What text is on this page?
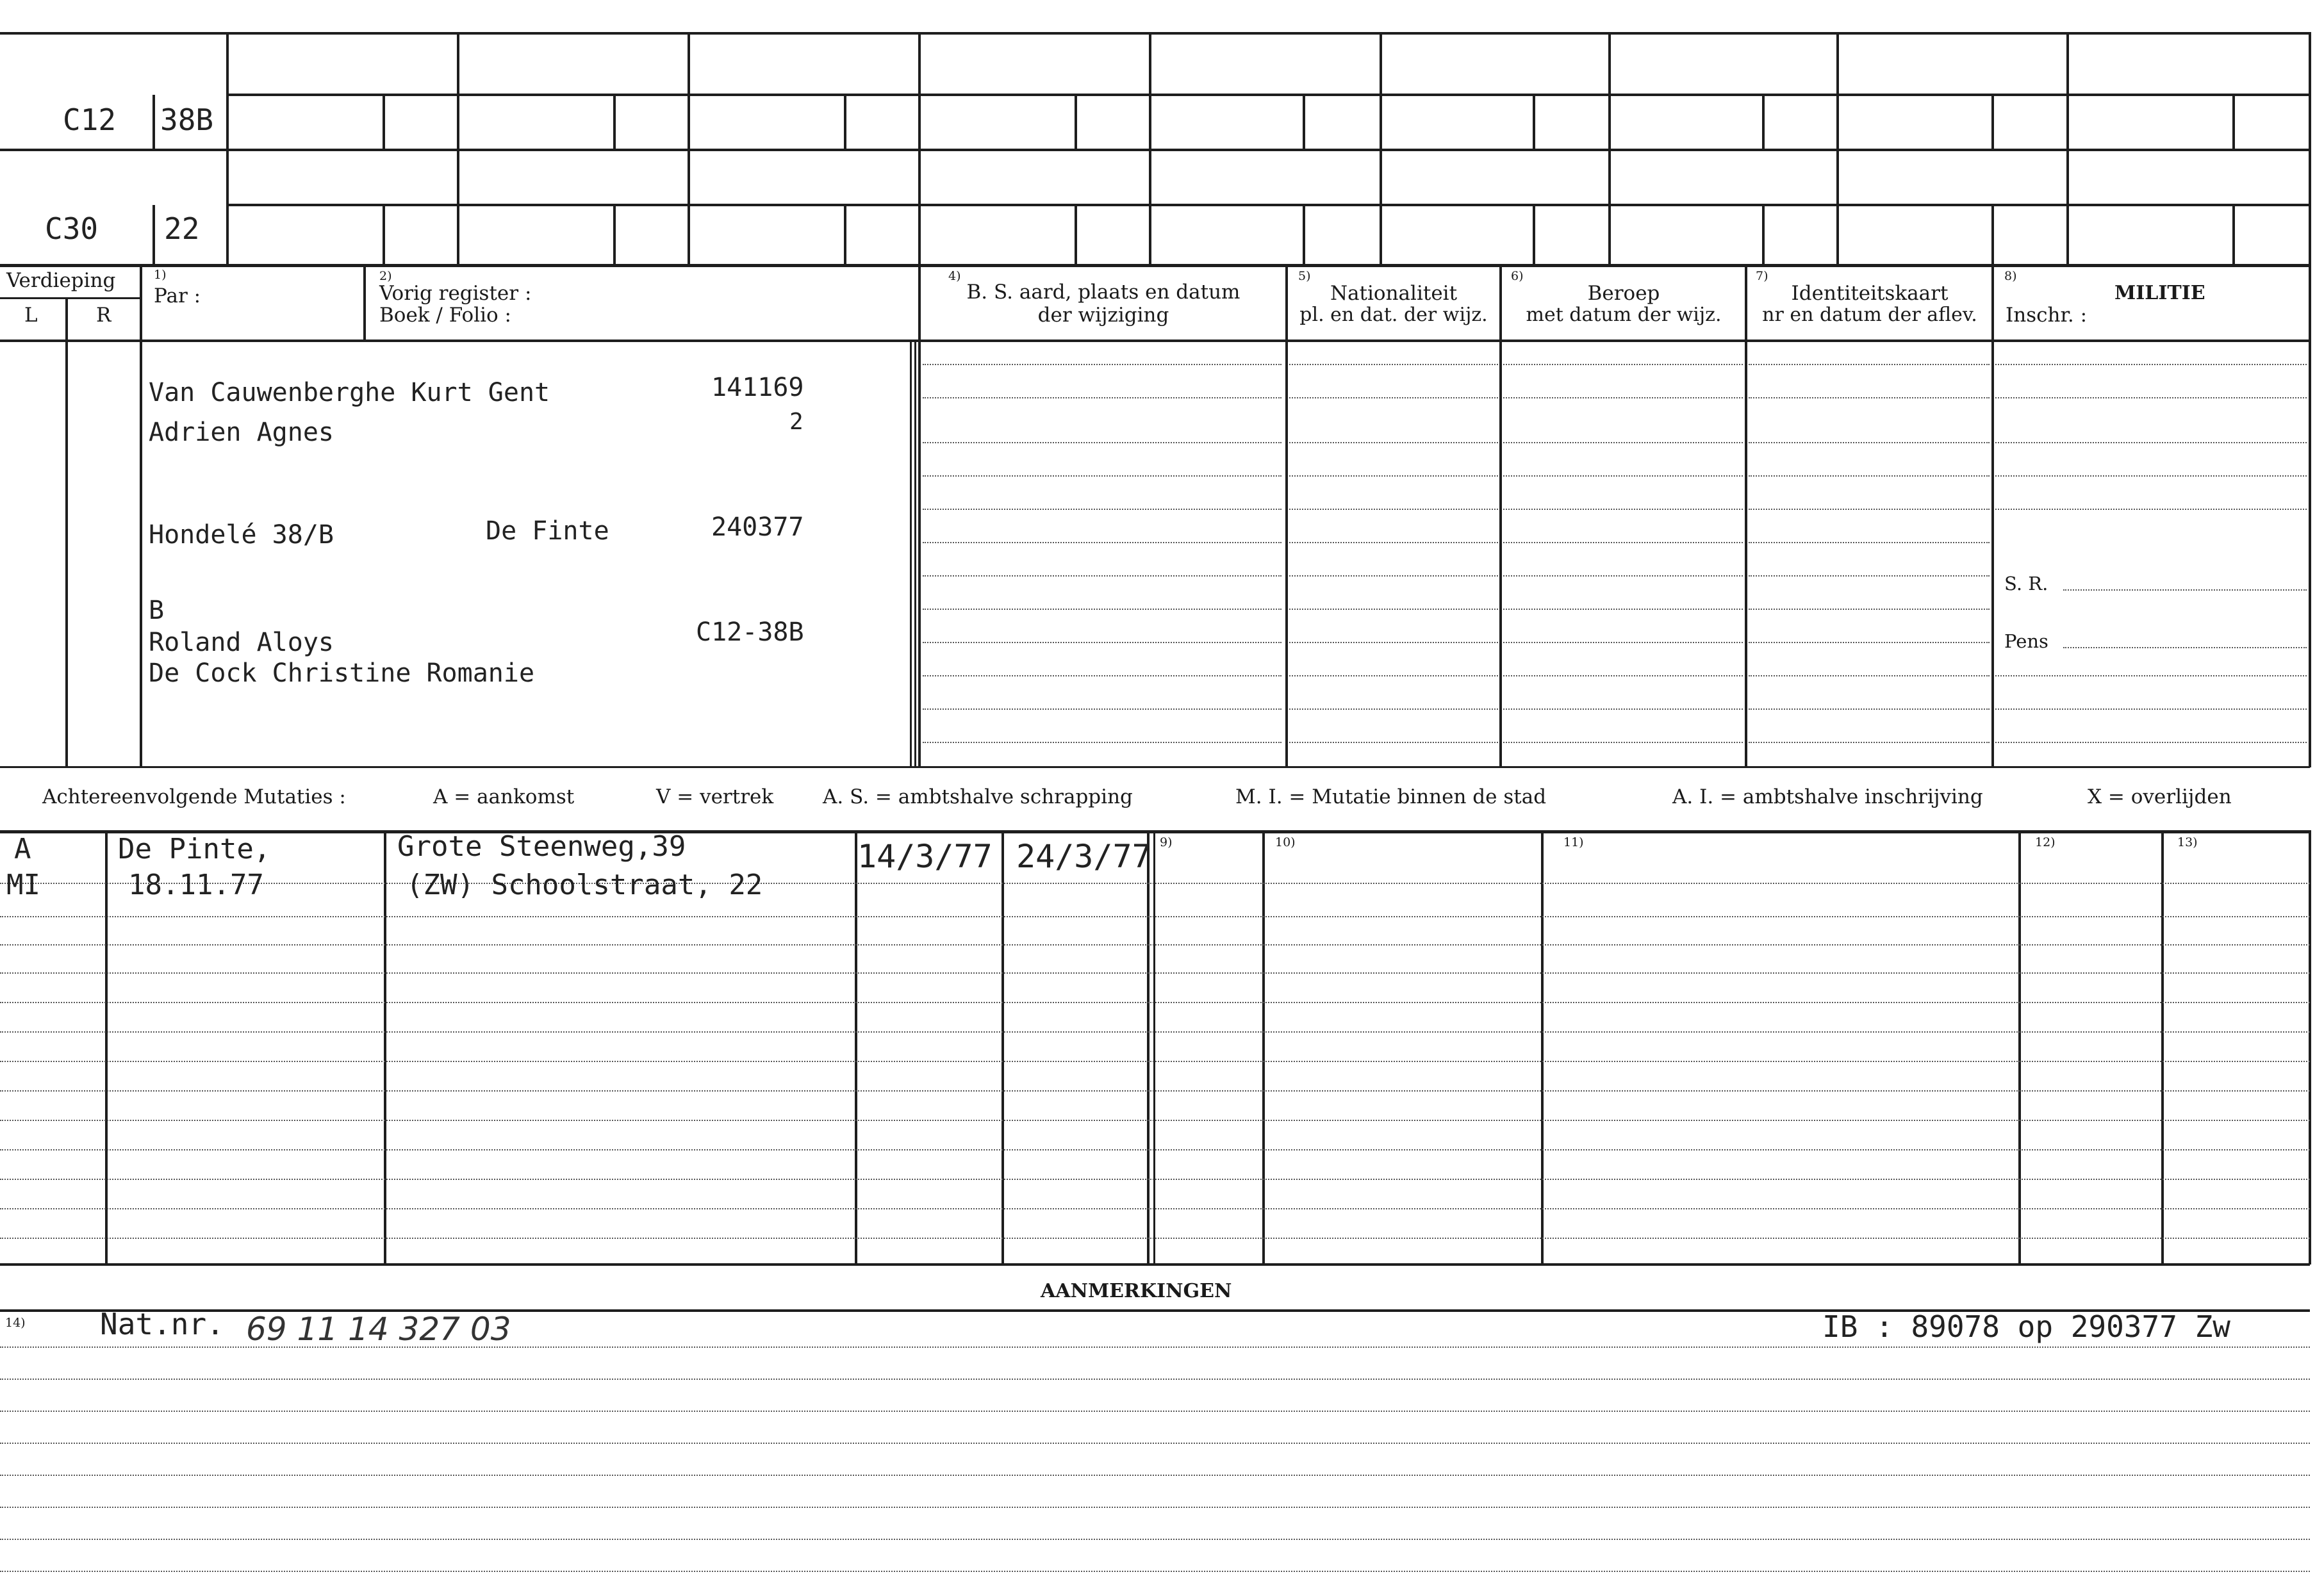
C12 38B
C30 22
Verdieping
L	R
1)
Par :
2)
Vorig register :
Boek / Folio :
4)
B. S. aard, plaats en datum
der wijziging
5)
Nationaliteit
pl. en dat. der wijz.
6)
Beroep
met datum der wijz.
7)
Identiteitskaart
nr en datum der aflev.
8)
MILITIE
Inschr. :
S. R.
Pens
Van Cauwenberghe Kurt Gent	141169
Adrien Agnes	2
Hondelé 38/B	De Finte	240377
B
Roland Aloys	C12-38B
De Cock Christine Romanie
Achtereenvolgende Mutaties :	A = aankomst	V = vertrek A. S. = ambtshalve schrapping	M. I. = Mutatie binnen de stad	A. I. = ambtshalve inschrijving	X = overlijden
9)	10)	11)	12)	13)
A	De Pinte,	Grote Steenweg,39	14/3/77 24/3/77
MI	18.11.77	(ZW) Schoolstraat, 22
AANMERKINGEN
14)	Nat.nr. 69 11 14 327 03	IB : 89078 op 290377 Zw
